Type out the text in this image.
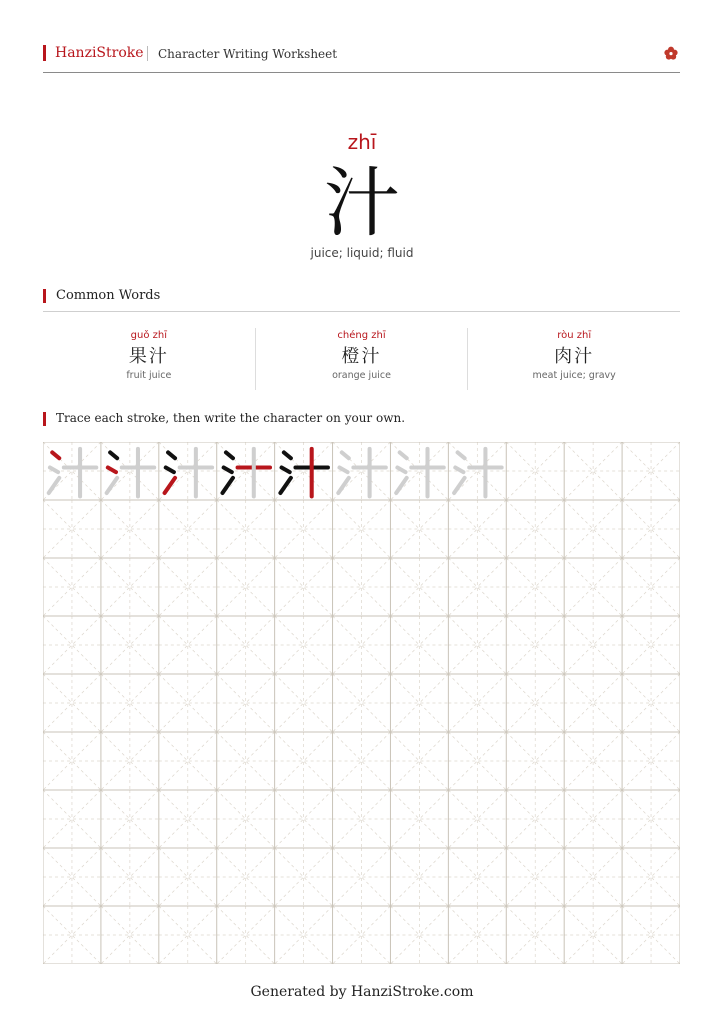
HanziStroke Character Writing Worksheet
zhī
汁
juice; liquid; fluid
Common Words
guǒ zhī
果汁
fruit juice
chéng zhī
橙汁
orange juice
ròu zhī
肉汁
meat juice; gravy
Trace each stroke, then write the character on your own.
Generated by HanziStroke.com
